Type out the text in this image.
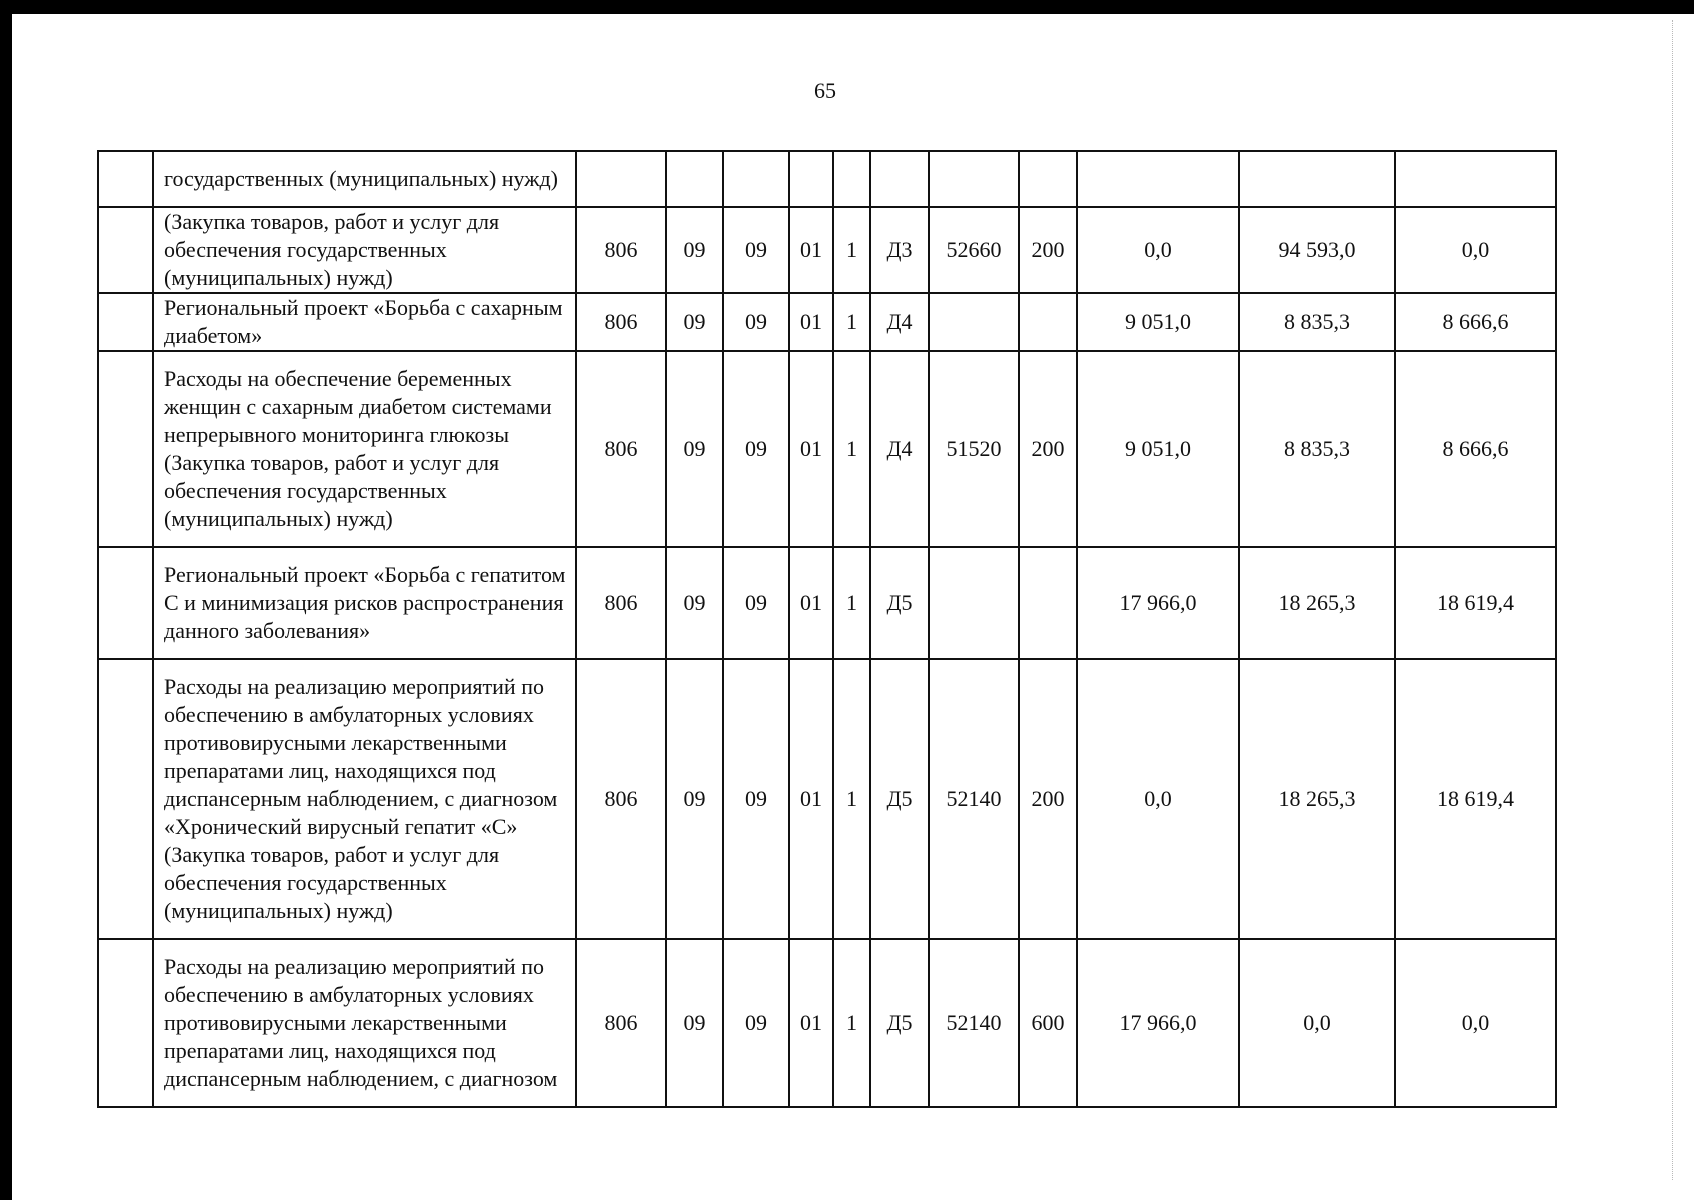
65
	государственных (муниципальных) нужд)											
	(Закупка товаров, работ и услуг для обеспечения государственных (муниципальных) нужд)	806	09	09	01	1	Д3	52660	200	0,0	94 593,0	0,0
	Региональный проект «Борьба с сахарным диабетом»	806	09	09	01	1	Д4			9 051,0	8 835,3	8 666,6
	Расходы на обеспечение беременных женщин с сахарным диабетом системами непрерывного мониторинга глюкозы (Закупка товаров, работ и услуг для обеспечения государственных (муниципальных) нужд)	806	09	09	01	1	Д4	51520	200	9 051,0	8 835,3	8 666,6
	Региональный проект «Борьба с гепатитом С и минимизация рисков распространения данного заболевания»	806	09	09	01	1	Д5			17 966,0	18 265,3	18 619,4
	Расходы на реализацию мероприятий по обеспечению в амбулаторных условиях противовирусными лекарственными препаратами лиц, находящихся под диспансерным наблюдением, с диагнозом «Хронический вирусный гепатит «С» (Закупка товаров, работ и услуг для обеспечения государственных (муниципальных) нужд)	806	09	09	01	1	Д5	52140	200	0,0	18 265,3	18 619,4
	Расходы на реализацию мероприятий по обеспечению в амбулаторных условиях противовирусными лекарственными препаратами лиц, находящихся под диспансерным наблюдением, с диагнозом	806	09	09	01	1	Д5	52140	600	17 966,0	0,0	0,0
